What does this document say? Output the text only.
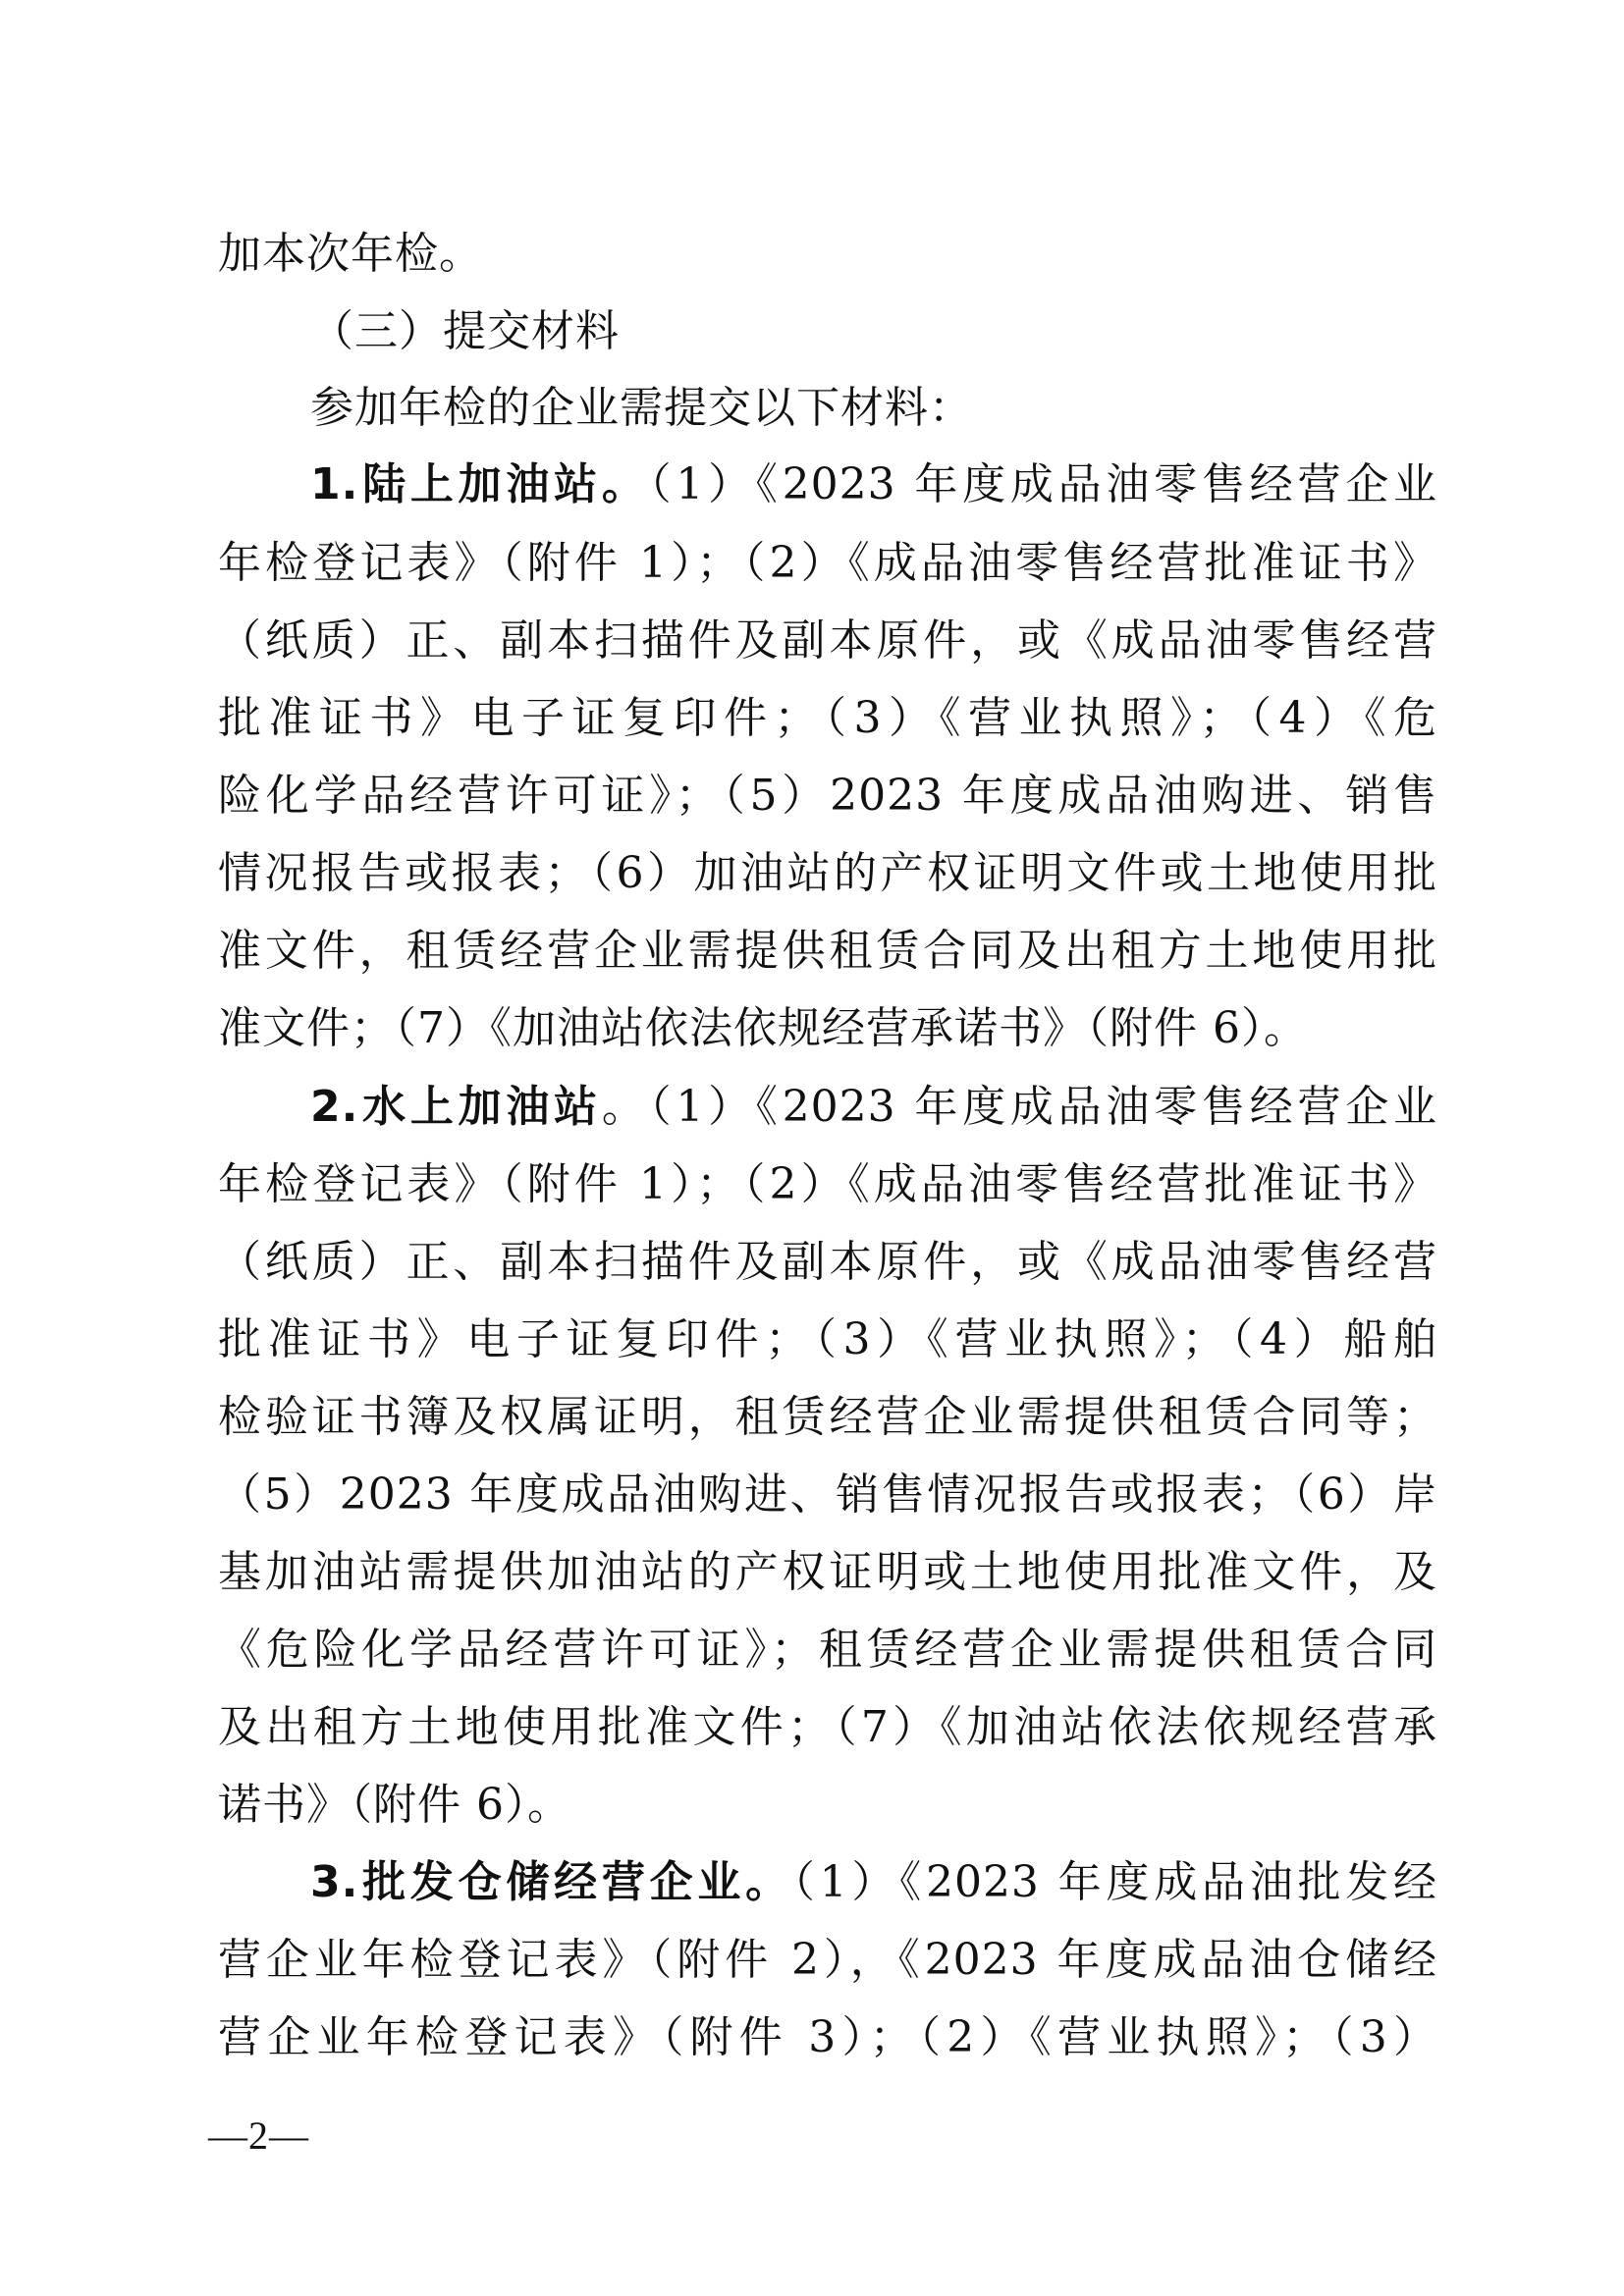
加本次年检。
（三）提交材料
参加年检的企业需提交以下材料：
1.陆上加油站。（1）《2023 年度成品油零售经营企业
年检登记表》（附件 1）；（2）《成品油零售经营批准证书》
（纸质）正、副本扫描件及副本原件，或《成品油零售经营
批准证书》电子证复印件；（3）《营业执照》；（4）《危
险化学品经营许可证》；（5）2023 年度成品油购进、销售
情况报告或报表；（6）加油站的产权证明文件或土地使用批
准文件，租赁经营企业需提供租赁合同及出租方土地使用批
准文件；（7）《加油站依法依规经营承诺书》（附件 6）。
2.水上加油站。（1）《2023 年度成品油零售经营企业
年检登记表》（附件 1）；（2）《成品油零售经营批准证书》
（纸质）正、副本扫描件及副本原件，或《成品油零售经营
批准证书》电子证复印件；（3）《营业执照》；（4）船舶
检验证书簿及权属证明，租赁经营企业需提供租赁合同等；
（5）2023 年度成品油购进、销售情况报告或报表；（6）岸
基加油站需提供加油站的产权证明或土地使用批准文件，及
《危险化学品经营许可证》；租赁经营企业需提供租赁合同
及出租方土地使用批准文件；（7）《加油站依法依规经营承
诺书》（附件 6）。
3.批发仓储经营企业。（1）《2023 年度成品油批发经
营企业年检登记表》（附件 2），《2023 年度成品油仓储经
营企业年检登记表》（附件 3）；（2）《营业执照》；（3）
—2—
